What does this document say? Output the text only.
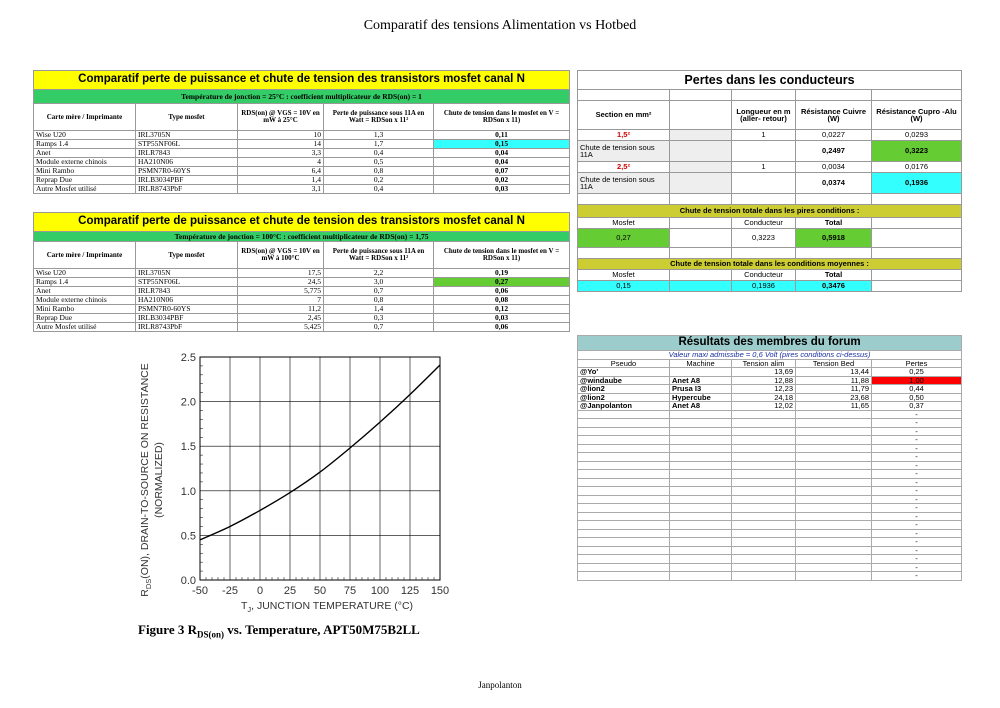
Comparatif des tensions Alimentation vs Hotbed
Comparatif perte de puissance et chute de tension des transistors mosfet canal N				
Température de jonction = 25°C : coefficient multiplicateur de RDS(on) = 1				
Carte mère / Imprimante	Type mosfet	RDS(on) @ VGS = 10V en mW à 25°C	Perte de puissance sous 11A en Watt = RDSon x 11²	Chute de tension dans le mosfet en V = RDSon x 11)
Wise U20	IRL3705N	10	1,3	0,11
Ramps 1.4	STP55NF06L	14	1,7	0,15
Anet	IRLR7843	3,3	0,4	0,04
Module externe chinois	HA210N06	4	0,5	0,04
Mini Rambo	PSMN7R0-60YS	6,4	0,8	0,07
Reprap Due	IRLB3034PBF	1,4	0,2	0,02
Autre Mosfet utilisé	IRLR8743PbF	3,1	0,4	0,03
Comparatif perte de puissance et chute de tension des transistors mosfet canal N				
Température de jonction = 100°C : coefficient multiplicateur de RDS(on) = 1,75				
Carte mère / Imprimante	Type mosfet	RDS(on) @ VGS = 10V en mW à 100°C	Perte de puissance sous 11A en Watt = RDSon x 11²	Chute de tension dans le mosfet en V = RDSon x 11)
Wise U20	IRL3705N	17,5	2,2	0,19
Ramps 1.4	STP55NF06L	24,5	3,0	0,27
Anet	IRLR7843	5,775	0,7	0,06
Module externe chinois	HA210N06	7	0,8	0,08
Mini Rambo	PSMN7R0-60YS	11,2	1,4	0,12
Reprap Due	IRLB3034PBF	2,45	0,3	0,03
Autre Mosfet utilisé	IRLR8743PbF	5,425	0,7	0,06
Pertes dans les conducteurs				

Section en mm²		Longueur en m (aller- retour)	Résistance Cuivre (W)	Résistance Cupro -Alu (W)
1,5²		1	0,0227	0,0293
Chute de tension sous 11A			0,2497	0,3223
2,5²		1	0,0034	0,0176
Chute de tension sous 11A			0,0374	0,1936

Chute de tension totale dans les pires conditions :				
Mosfet		Conducteur	Total	
0,27		0,3223	0,5918	

Chute de tension totale dans les conditions moyennes :				
Mosfet		Conducteur	Total	
0,15		0,1936	0,3476	
Résultats des membres du forum				
Valeur maxi admissibe = 0,6 Volt (pires conditions ci-dessus)				
Pseudo	Machine	Tension alim	Tension Bed	Pertes
@Yo'		13,69	13,44	0,25
@windaube	Anet A8	12,88	11,88	1,00
@lion2	Prusa I3	12,23	11,79	0,44
@lion2	Hypercube	24,18	23,68	0,50
@Janpolanton	Anet A8	12,02	11,65	0,37
				-
				-
				-
				-
				-
				-
				-
				-
				-
				-
				-
				-
				-
				-
				-
				-
				-
				-
				-
				-
-50 -25 0 25 50 75 100 125 150
0.0
0.5
1.0
1.5
2.0
2.5
$R_{DS}(ON)$, DRAIN-TO-SOURCE ON RESISTANCE (NORMALIZED)
$T_J$, JUNCTION TEMPERATURE (°C)
Figure 3 $R_{DS(on)}$ vs. Temperature, APT50M75B2LL
Janpolanton
